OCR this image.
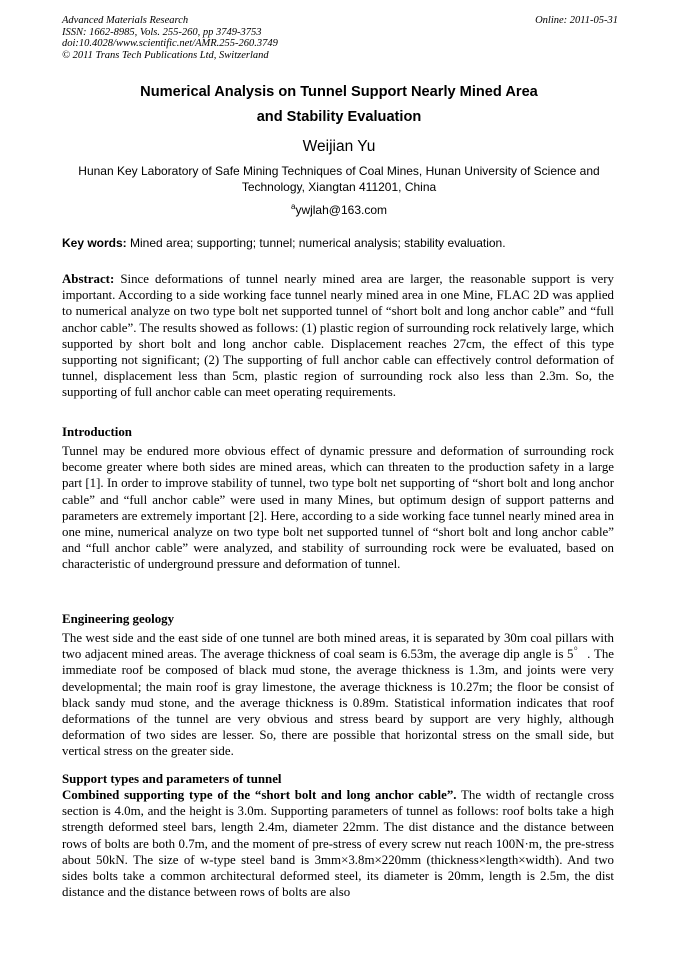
Advanced Materials Research
ISSN: 1662-8985, Vols. 255-260, pp 3749-3753
doi:10.4028/www.scientific.net/AMR.255-260.3749
© 2011 Trans Tech Publications Ltd, Switzerland
Online: 2011-05-31
Numerical Analysis on Tunnel Support Nearly Mined Area
and Stability Evaluation
Weijian Yu
Hunan Key Laboratory of Safe Mining Techniques of Coal Mines, Hunan University of Science and Technology, Xiangtan 411201, China
$^a$ywjlah@163.com
Key words: Mined area; supporting; tunnel; numerical analysis; stability evaluation.
Abstract: Since deformations of tunnel nearly mined area are larger, the reasonable support is very important. According to a side working face tunnel nearly mined area in one Mine, FLAC 2D was applied to numerical analyze on two type bolt net supported tunnel of “short bolt and long anchor cable” and “full anchor cable”. The results showed as follows: (1) plastic region of surrounding rock relatively large, which supported by short bolt and long anchor cable. Displacement reaches 27cm, the effect of this type supporting not significant; (2) The supporting of full anchor cable can effectively control deformation of tunnel, displacement less than 5cm, plastic region of surrounding rock also less than 2.3m. So, the supporting of full anchor cable can meet operating requirements.
Introduction
Tunnel may be endured more obvious effect of dynamic pressure and deformation of surrounding rock become greater where both sides are mined areas, which can threaten to the production safety in a large part [1]. In order to improve stability of tunnel, two type bolt net supporting of “short bolt and long anchor cable” and “full anchor cable” were used in many Mines, but optimum design of support patterns and parameters are extremely important [2]. Here, according to a side working face tunnel nearly mined area in one mine, numerical analyze on two type bolt net supported tunnel of “short bolt and long anchor cable” and “full anchor cable” were analyzed, and stability of surrounding rock were be evaluated, based on characteristic of underground pressure and deformation of tunnel.
Engineering geology
The west side and the east side of one tunnel are both mined areas, it is separated by 30m coal pillars with two adjacent mined areas. The average thickness of coal seam is 6.53m, the average dip angle is 5゜. The immediate roof be composed of black mud stone, the average thickness is 1.3m, and joints were very developmental; the main roof is gray limestone, the average thickness is 10.27m; the floor be consist of black sandy mud stone, and the average thickness is 0.89m. Statistical information indicates that roof deformations of the tunnel are very obvious and stress beard by support are very highly, although deformation of two sides are lesser. So, there are possible that horizontal stress on the small side, but vertical stress on the greater side.
Support types and parameters of tunnel
Combined supporting type of the “short bolt and long anchor cable”. The width of rectangle cross section is 4.0m, and the height is 3.0m. Supporting parameters of tunnel as follows: roof bolts take a high strength deformed steel bars, length 2.4m, diameter 22mm. The dist distance and the distance between rows of bolts are both 0.7m, and the moment of pre-stress of every screw nut reach 100N·m, the pre-stress about 50kN. The size of w-type steel band is 3mm×3.8m×220mm (thickness×length×width). And two sides bolts take a common architectural deformed steel, its diameter is 20mm, length is 2.5m, the dist distance and the distance between rows of bolts are also
